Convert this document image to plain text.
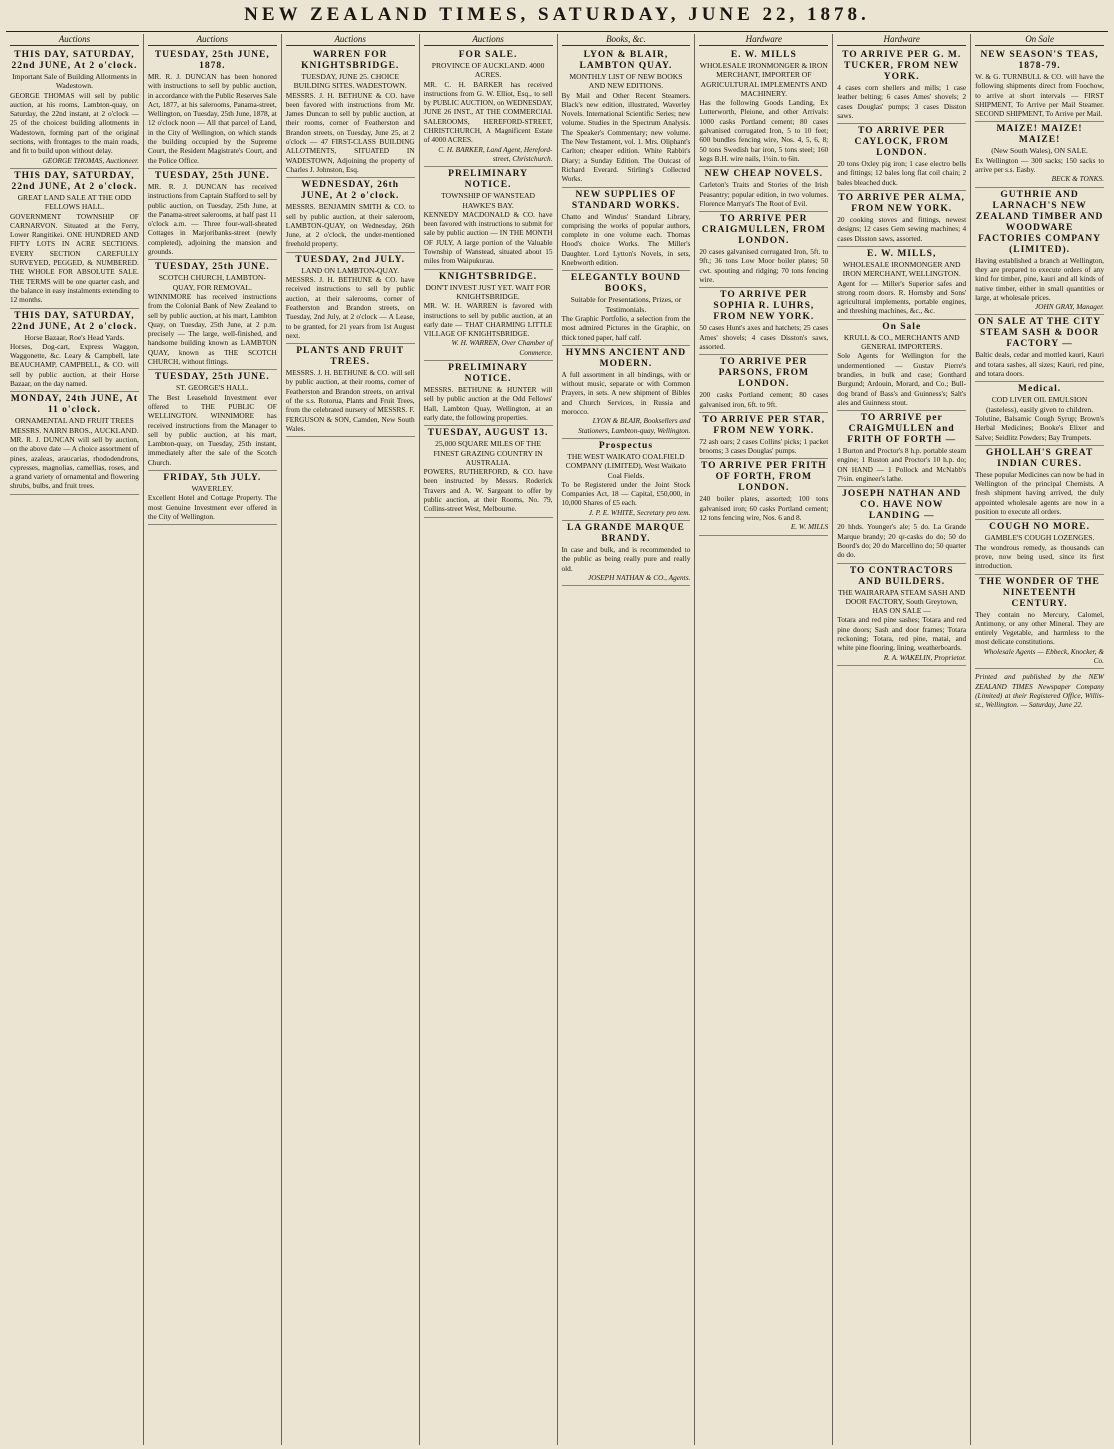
NEW ZEALAND TIMES, SATURDAY, JUNE 22, 1878.
Auctions
THIS DAY, SATURDAY, 22nd JUNE, At 2 o'clock.
Important Sale of Building Allotments in Wadestown.
GEORGE THOMAS will sell by public auction, at his rooms, Lambton-quay, on Saturday, the 22nd instant, at 2 o'clock — 25 of the choicest building allotments in Wadestown, forming part of the original sections, with frontages to the main roads, and fit to build upon without delay.
GEORGE THOMAS, Auctioneer.
THIS DAY, SATURDAY, 22nd JUNE, At 2 o'clock.
GREAT LAND SALE AT THE ODD FELLOWS HALL.
GOVERNMENT TOWNSHIP OF CARNARVON. Situated at the Ferry, Lower Rangitikei. ONE HUNDRED AND FIFTY LOTS IN ACRE SECTIONS. EVERY SECTION CAREFULLY SURVEYED, PEGGED, & NUMBERED. THE WHOLE FOR ABSOLUTE SALE. THE TERMS will be one quarter cash, and the balance in easy instalments extending to 12 months.
THIS DAY, SATURDAY, 22nd JUNE, At 2 o'clock.
Horse Bazaar, Roe's Head Yards.
Horses, Dog-cart, Express Waggon, Waggonette, &c. Leary & Campbell, late BEAUCHAMP, CAMPBELL, & CO. will sell by public auction, at their Horse Bazaar, on the day named.
MONDAY, 24th JUNE, At 11 o'clock.
ORNAMENTAL AND FRUIT TREES MESSRS. NAIRN BROS., AUCKLAND.
MR. R. J. DUNCAN will sell by auction, on the above date — A choice assortment of pines, azaleas, araucarias, rhododendrons, cypresses, magnolias, camellias, roses, and a grand variety of ornamental and flowering shrubs, bulbs, and fruit trees.
Auctions
TUESDAY, 25th JUNE, 1878.
MR. R. J. DUNCAN has been honored with instructions to sell by public auction, in accordance with the Public Reserves Sale Act, 1877, at his salerooms, Panama-street, Wellington, on Tuesday, 25th June, 1878, at 12 o'clock noon — All that parcel of Land, in the City of Wellington, on which stands the building occupied by the Supreme Court, the Resident Magistrate's Court, and the Police Office.
TUESDAY, 25th JUNE.
MR. R. J. DUNCAN has received instructions from Captain Stafford to sell by public auction, on Tuesday, 25th June, at the Panama-street salerooms, at half past 11 o'clock a.m. — Three four-wall-sheated Cottages in Marjoribanks-street (newly completed), adjoining the mansion and grounds.
TUESDAY, 25th JUNE.
SCOTCH CHURCH, LAMBTON-QUAY, FOR REMOVAL.
WINNIMORE has received instructions from the Colonial Bank of New Zealand to sell by public auction, at his mart, Lambton Quay, on Tuesday, 25th June, at 2 p.m. precisely — The large, well-finished, and handsome building known as LAMBTON QUAY, known as THE SCOTCH CHURCH, without fittings.
TUESDAY, 25th JUNE.
ST. GEORGE'S HALL.
The Best Leasehold Investment ever offered to THE PUBLIC OF WELLINGTON. WINNIMORE has received instructions from the Manager to sell by public auction, at his mart, Lambton-quay, on Tuesday, 25th instant, immediately after the sale of the Scotch Church.
FRIDAY, 5th JULY.
WAVERLEY.
Excellent Hotel and Cottage Property. The most Genuine Investment ever offered in the City of Wellington.
Auctions
WARREN FOR KNIGHTSBRIDGE.
TUESDAY, JUNE 25. CHOICE BUILDING SITES. WADESTOWN.
MESSRS. J. H. BETHUNE & CO. have been favored with instructions from Mr. James Duncan to sell by public auction, at their rooms, corner of Featherston and Brandon streets, on Tuesday, June 25, at 2 o'clock — 47 FIRST-CLASS BUILDING ALLOTMENTS, SITUATED IN WADESTOWN, Adjoining the property of Charles J. Johnston, Esq.
WEDNESDAY, 26th JUNE, At 2 o'clock.
MESSRS. BENJAMIN SMITH & CO. to sell by public auction, at their saleroom, LAMBTON-QUAY, on Wednesday, 26th June, at 2 o'clock, the under-mentioned freehold property.
TUESDAY, 2nd JULY.
LAND ON LAMBTON-QUAY.
MESSRS. J. H. BETHUNE & CO. have received instructions to sell by public auction, at their salerooms, corner of Featherston and Brandon streets, on Tuesday, 2nd July, at 2 o'clock — A Lease, to be granted, for 21 years from 1st August next.
PLANTS AND FRUIT TREES.
MESSRS. J. H. BETHUNE & CO. will sell by public auction, at their rooms, corner of Featherston and Brandon streets, on arrival of the s.s. Rotorua, Plants and Fruit Trees, from the celebrated nursery of MESSRS. F. FERGUSON & SON, Camden, New South Wales.
Auctions
FOR SALE.
PROVINCE OF AUCKLAND. 4000 ACRES.
MR. C. H. BARKER has received instructions from G. W. Elliot, Esq., to sell by PUBLIC AUCTION, on WEDNESDAY, JUNE 26 INST., AT THE COMMERCIAL SALEROOMS, HEREFORD-STREET, CHRISTCHURCH, A Magnificent Estate of 4000 ACRES.
C. H. BARKER, Land Agent, Hereford-street, Christchurch.
PRELIMINARY NOTICE.
TOWNSHIP OF WANSTEAD HAWKE'S BAY.
KENNEDY MACDONALD & CO. have been favored with instructions to submit for sale by public auction — IN THE MONTH OF JULY, A large portion of the Valuable Township of Wanstead, situated about 15 miles from Waipukurau.
KNIGHTSBRIDGE.
DON'T INVEST JUST YET. WAIT FOR KNIGHTSBRIDGE.
MR. W. H. WARREN is favored with instructions to sell by public auction, at an early date — THAT CHARMING LITTLE VILLAGE OF KNIGHTSBRIDGE.
W. H. WARREN, Over Chamber of Commerce.
PRELIMINARY NOTICE.
MESSRS. BETHUNE & HUNTER will sell by public auction at the Odd Fellows' Hall, Lambton Quay, Wellington, at an early date, the following properties.
TUESDAY, AUGUST 13.
25,000 SQUARE MILES OF THE FINEST GRAZING COUNTRY IN AUSTRALIA.
POWERS, RUTHERFORD, & CO. have been instructed by Messrs. Roderick Travers and A. W. Sargeant to offer by public auction, at their Rooms, No. 79, Collins-street West, Melbourne.
Books, &c.
LYON & BLAIR, LAMBTON QUAY.
MONTHLY LIST OF NEW BOOKS AND NEW EDITIONS.
By Mail and Other Recent Steamers. Black's new edition, illustrated, Waverley Novels. International Scientific Series; new volume. Studies in the Spectrum Analysis. The Speaker's Commentary; new volume. The New Testament, vol. 1. Mrs. Oliphant's Carlton; cheaper edition. White Rabbit's Diary; a Sunday Edition. The Outcast of Richard Everard. Stirling's Collected Works.
NEW SUPPLIES OF STANDARD WORKS.
Chatto and Windus' Standard Library, comprising the works of popular authors, complete in one volume each. Thomas Hood's choice Works. The Miller's Daughter. Lord Lytton's Novels, in sets, Knebworth edition.
ELEGANTLY BOUND BOOKS,
Suitable for Presentations, Prizes, or Testimonials.
The Graphic Portfolio, a selection from the most admired Pictures in the Graphic, on thick toned paper, half calf.
HYMNS ANCIENT AND MODERN.
A full assortment in all bindings, with or without music, separate or with Common Prayers, in sets. A new shipment of Bibles and Church Services, in Russia and morocco.
LYON & BLAIR, Booksellers and Stationers, Lambton-quay, Wellington.
Prospectus
THE WEST WAIKATO COALFIELD COMPANY (LIMITED), West Waikato Coal Fields.
To be Registered under the Joint Stock Companies Act, 18 — Capital, £50,000, in 10,000 Shares of £5 each.
J. P. E. WHITE, Secretary pro tem.
LA GRANDE MARQUE BRANDY.
In case and bulk, and is recommended to the public as being really pure and really old.
JOSEPH NATHAN & CO., Agents.
Hardware
E. W. MILLS
WHOLESALE IRONMONGER & IRON MERCHANT, IMPORTER OF AGRICULTURAL IMPLEMENTS AND MACHINERY.
Has the following Goods Landing, Ex Lutterworth, Pleione, and other Arrivals: 1000 casks Portland cement; 80 cases galvanised corrugated Iron, 5 to 10 feet; 600 bundles fencing wire, Nos. 4, 5, 6, 8; 50 tons Swedish bar iron, 5 tons steel; 160 kegs B.H. wire nails, 1½in. to 6in.
NEW CHEAP NOVELS.
Carleton's Traits and Stories of the Irish Peasantry; popular edition, in two volumes. Florence Marryat's The Root of Evil.
TO ARRIVE PER CRAIGMULLEN, FROM LONDON.
20 cases galvanised corrugated Iron, 5ft. to 9ft.; 36 tons Low Moor boiler plates; 50 cwt. spouting and ridging; 70 tons fencing wire.
TO ARRIVE PER SOPHIA R. LUHRS, FROM NEW YORK.
50 cases Hunt's axes and hatchets; 25 cases Ames' shovels; 4 cases Disston's saws, assorted.
TO ARRIVE PER PARSONS, FROM LONDON.
200 casks Portland cement; 80 cases galvanised iron, 6ft. to 9ft.
TO ARRIVE PER STAR, FROM NEW YORK.
72 ash oars; 2 cases Collins' picks; 1 packet brooms; 3 cases Douglas' pumps.
TO ARRIVE PER FRITH OF FORTH, FROM LONDON.
240 boiler plates, assorted; 100 tons galvanised iron; 60 casks Portland cement; 12 tons fencing wire, Nos. 6 and 8.
E. W. MILLS
Hardware
TO ARRIVE PER G. M. TUCKER, FROM NEW YORK.
4 cases corn shellers and mills; 1 case leather belting; 6 cases Ames' shovels; 2 cases Douglas' pumps; 3 cases Disston saws.
TO ARRIVE PER CAYLOCK, FROM LONDON.
20 tons Oxley pig iron; 1 case electro bells and fittings; 12 bales long flat coil chain; 2 bales bleached duck.
TO ARRIVE PER ALMA, FROM NEW YORK.
20 cooking stoves and fittings, newest designs; 12 cases Gem sewing machines; 4 cases Disston saws, assorted.
E. W. MILLS,
WHOLESALE IRONMONGER AND IRON MERCHANT, WELLINGTON.
Agent for — Miller's Superior safes and strong room doors. R. Hornsby and Sons' agricultural implements, portable engines, and threshing machines, &c., &c.
On Sale
KRULL & CO., MERCHANTS AND GENERAL IMPORTERS.
Sole Agents for Wellington for the undermentioned — Gustav Pierre's brandies, in bulk and case; Gonthard Burgund; Ardouin, Morard, and Co.; Bull-dog brand of Bass's and Guinness's; Salt's ales and Guinness stout.
TO ARRIVE per CRAIGMULLEN and FRITH OF FORTH —
1 Burton and Proctor's 8 h.p. portable steam engine; 1 Ruston and Proctor's 10 h.p. do; ON HAND — 1 Pollock and McNabb's 7½in. engineer's lathe.
JOSEPH NATHAN AND CO. HAVE NOW LANDING —
20 hhds. Younger's ale; 5 do. La Grande Marque brandy; 20 qr-casks do do; 50 do Boord's do; 20 do Marcellino do; 50 quarter do do.
TO CONTRACTORS AND BUILDERS.
THE WAIRARAPA STEAM SASH AND DOOR FACTORY, South Greytown, HAS ON SALE —
Totara and red pine sashes; Totara and red pine doors; Sash and door frames; Totara reckoning; Totara, red pine, matai, and white pine flooring, lining, weatherboards.
R. A. WAKELIN, Proprietor.
On Sale
NEW SEASON'S TEAS, 1878-79.
W. & G. TURNBULL & CO. will have the following shipments direct from Foochow, to arrive at short intervals — FIRST SHIPMENT, To Arrive per Mail Steamer. SECOND SHIPMENT, To Arrive per Mail.
MAIZE! MAIZE! MAIZE!
(New South Wales), ON SALE.
Ex Wellington — 300 sacks; 150 sacks to arrive per s.s. Easby.
BECK & TONKS.
GUTHRIE AND LARNACH'S NEW ZEALAND TIMBER AND WOODWARE FACTORIES COMPANY (LIMITED).
Having established a branch at Wellington, they are prepared to execute orders of any kind for timber, pine, kauri and all kinds of native timber, either in small quantities or large, at wholesale prices.
JOHN GRAY, Manager.
ON SALE AT THE CITY STEAM SASH & DOOR FACTORY —
Baltic deals, cedar and mottled kauri, Kauri and totara sashes, all sizes; Kauri, red pine, and totara doors.
Medical.
COD LIVER OIL EMULSION (tasteless), easily given to children.
Tolutine, Balsamic Cough Syrup; Brown's Herbal Medicines; Booke's Elixer and Salve; Seidlitz Powders; Bay Trumpets.
GHOLLAH'S GREAT INDIAN CURES.
These popular Medicines can now be had in Wellington of the principal Chemists. A fresh shipment having arrived, the duly appointed wholesale agents are now in a position to execute all orders.
COUGH NO MORE.
GAMBLE'S COUGH LOZENGES.
The wondrous remedy, as thousands can prove, now being used, since its first introduction.
THE WONDER OF THE NINETEENTH CENTURY.
They contain no Mercury, Calomel, Antimony, or any other Mineral. They are entirely Vegetable, and harmless to the most delicate constitutions.
Wholesale Agents — Ebbeck, Knocker, & Co.
Printed and published by the NEW ZEALAND TIMES Newspaper Company (Limited) at their Registered Office, Willis-st., Wellington. — Saturday, June 22.
